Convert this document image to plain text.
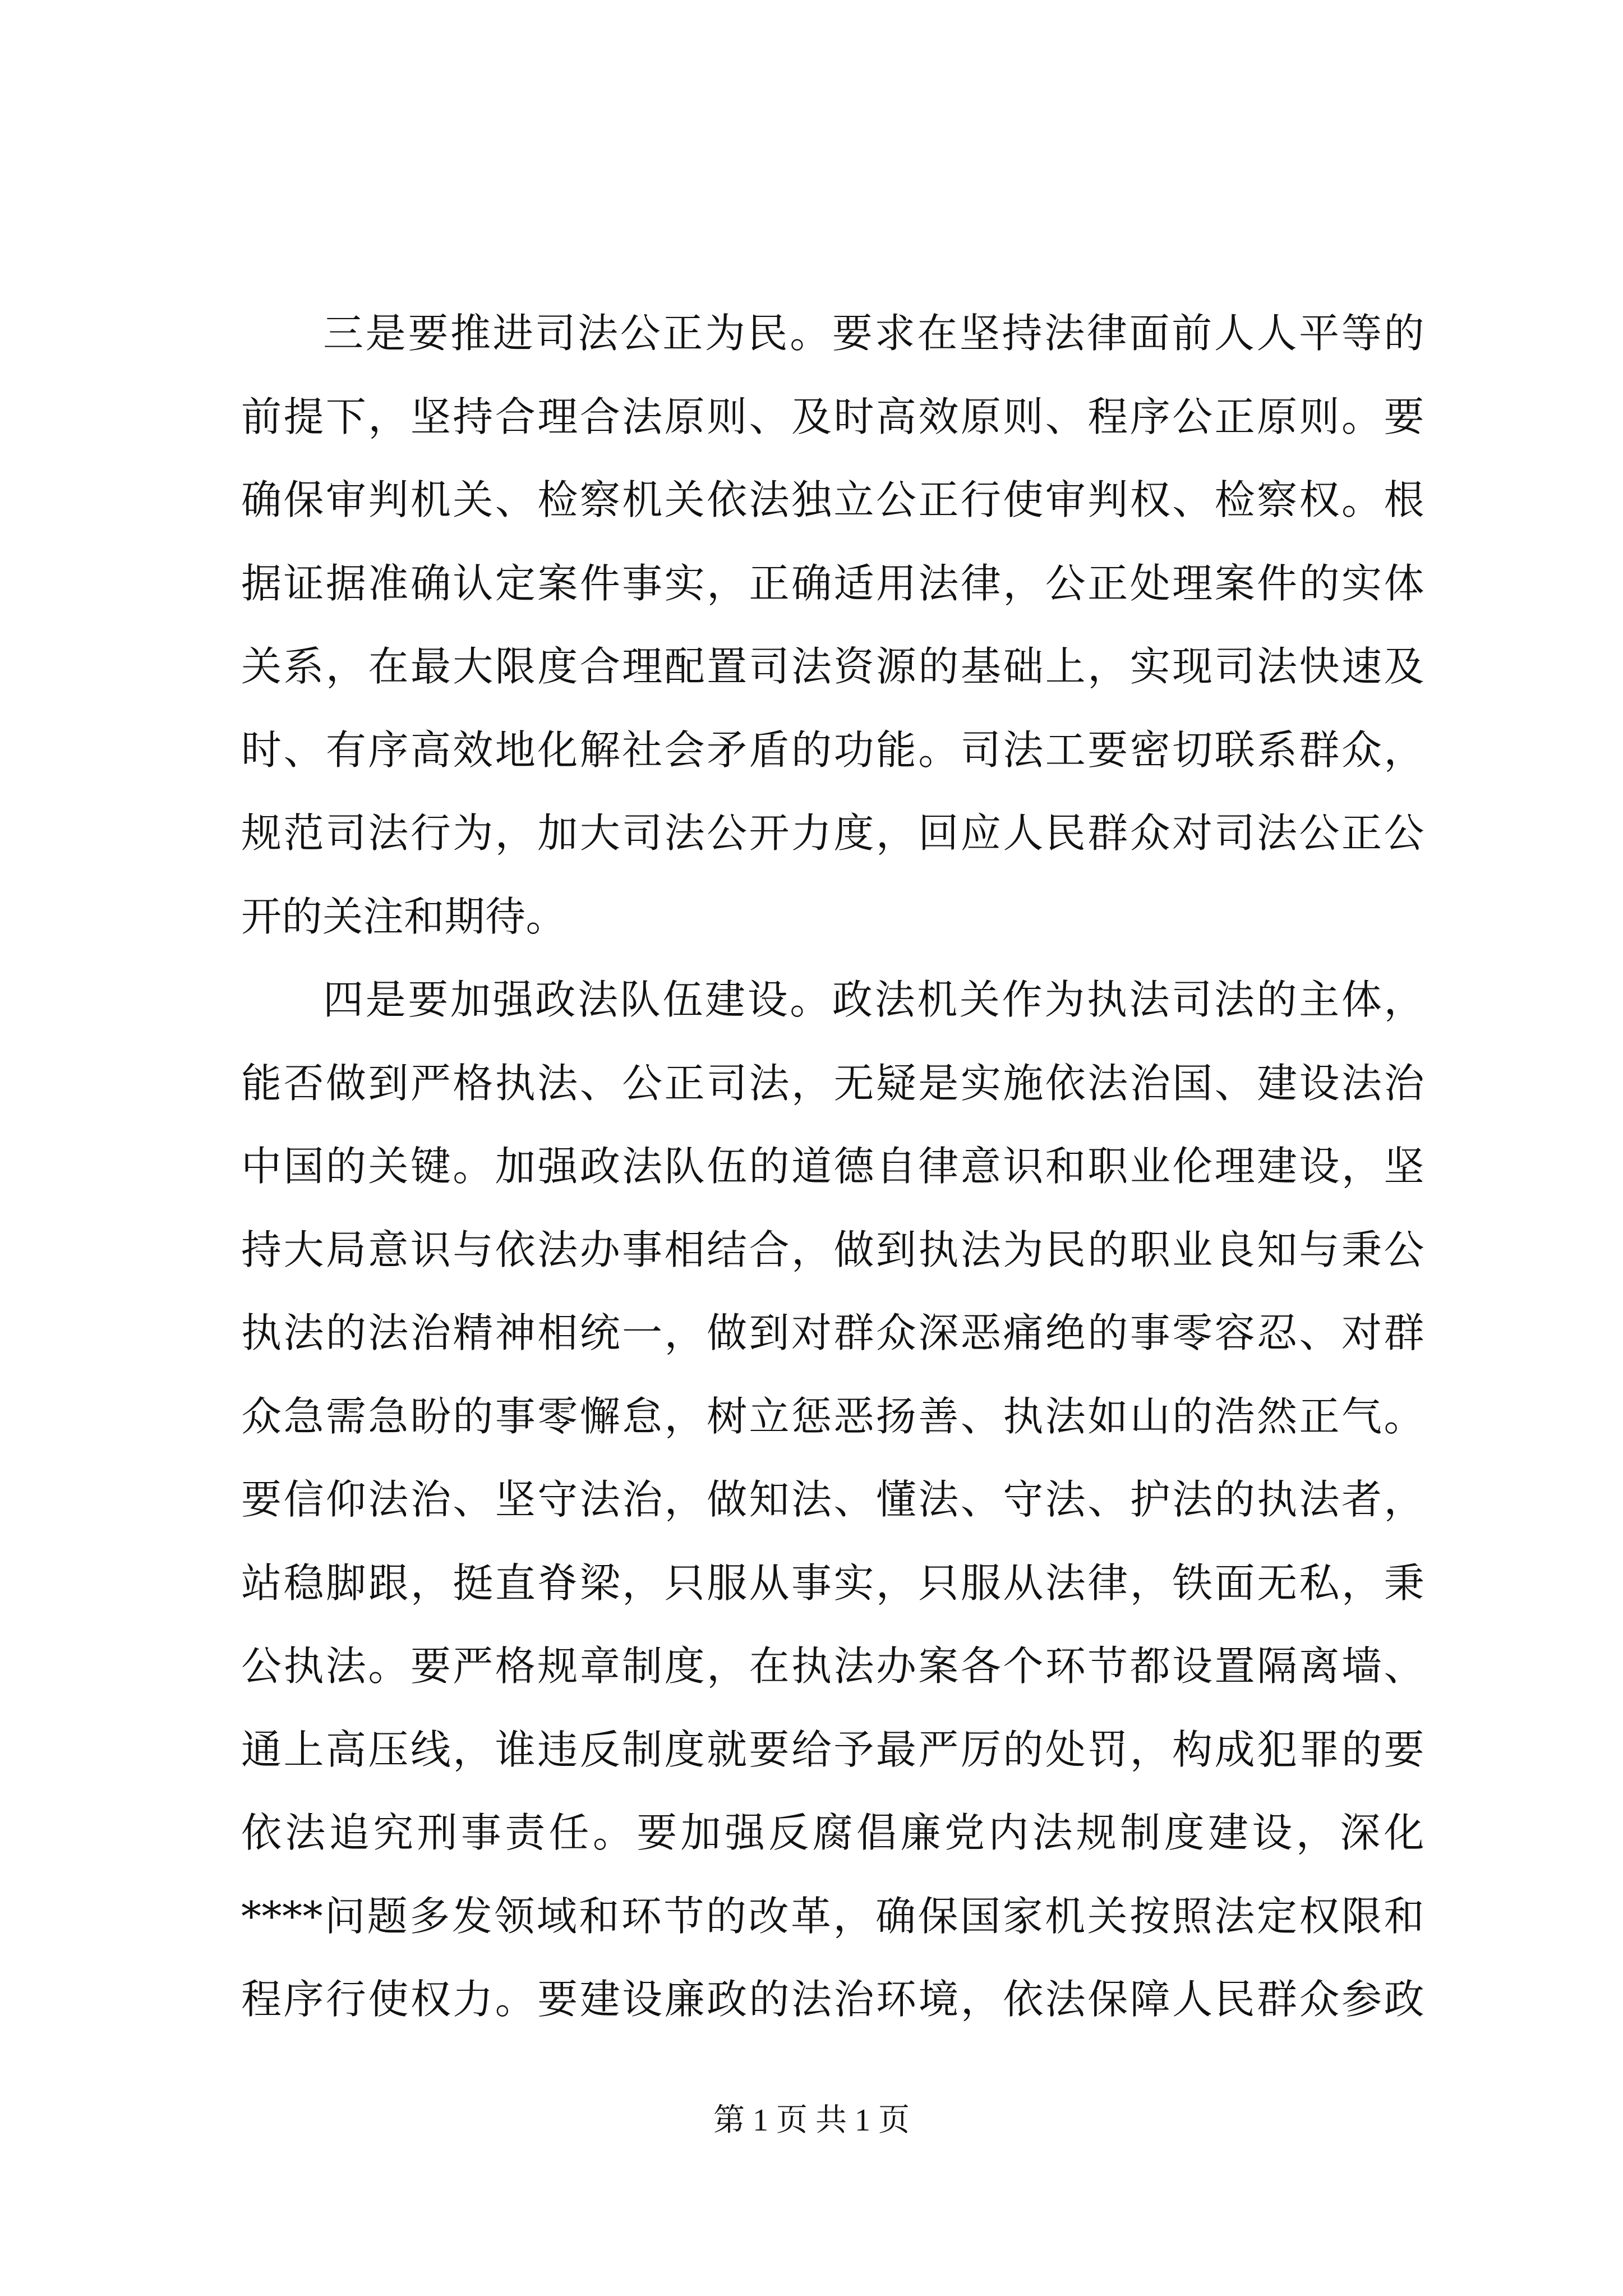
三是要推进司法公正为民。要求在坚持法律面前人人平等的
前提下，坚持合理合法原则、及时高效原则、程序公正原则。要
确保审判机关、检察机关依法独立公正行使审判权、检察权。根
据证据准确认定案件事实，正确适用法律，公正处理案件的实体
关系，在最大限度合理配置司法资源的基础上，实现司法快速及
时、有序高效地化解社会矛盾的功能。司法工要密切联系群众，
规范司法行为，加大司法公开力度，回应人民群众对司法公正公
开的关注和期待。
四是要加强政法队伍建设。政法机关作为执法司法的主体，
能否做到严格执法、公正司法，无疑是实施依法治国、建设法治
中国的关键。加强政法队伍的道德自律意识和职业伦理建设，坚
持大局意识与依法办事相结合，做到执法为民的职业良知与秉公
执法的法治精神相统一，做到对群众深恶痛绝的事零容忍、对群
众急需急盼的事零懈怠，树立惩恶扬善、执法如山的浩然正气。
要信仰法治、坚守法治，做知法、懂法、守法、护法的执法者，
站稳脚跟，挺直脊梁，只服从事实，只服从法律，铁面无私，秉
公执法。要严格规章制度，在执法办案各个环节都设置隔离墙、
通上高压线，谁违反制度就要给予最严厉的处罚，构成犯罪的要
依法追究刑事责任。要加强反腐倡廉党内法规制度建设，深化
****问题多发领域和环节的改革，确保国家机关按照法定权限和
程序行使权力。要建设廉政的法治环境，依法保障人民群众参政
第 1 页 共 1 页
